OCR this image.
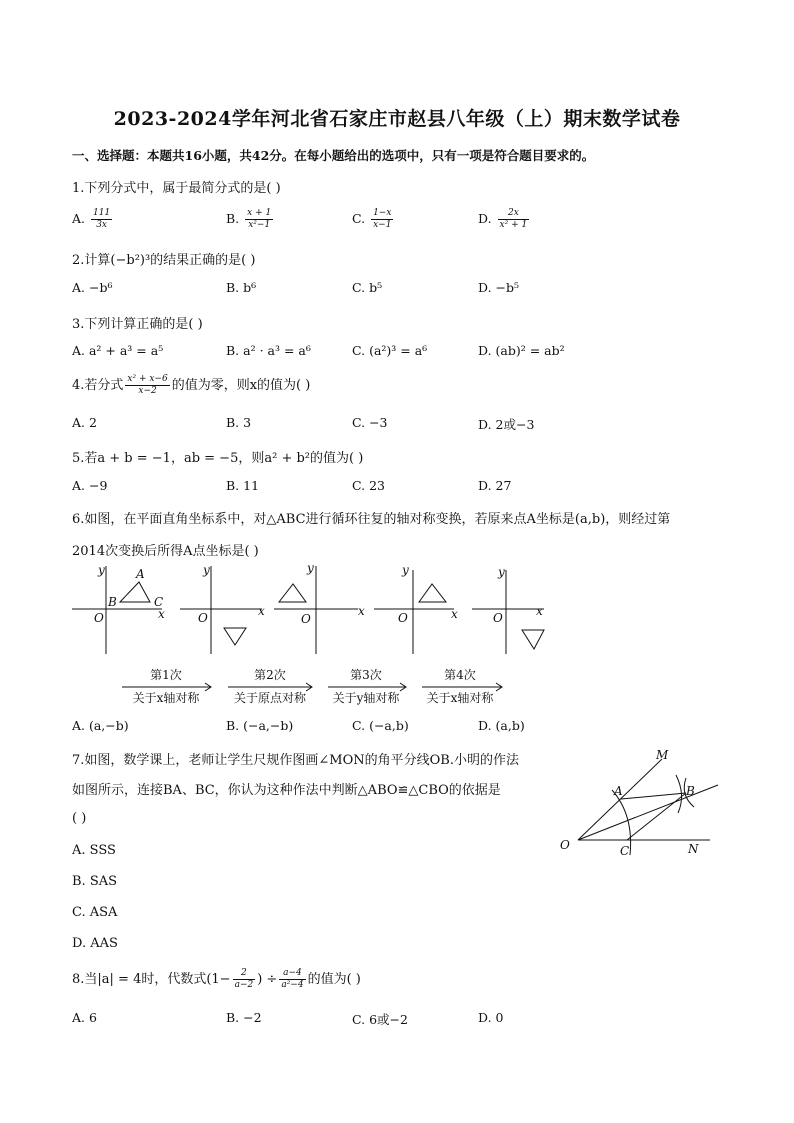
2023-2024学年河北省石家庄市赵县八年级（上）期末数学试卷
一、选择题：本题共16小题，共42分。在每小题给出的选项中，只有一项是符合题目要求的。
1.下列分式中，属于最简分式的是( )
A. $\frac{111}{3x}$	B. $\frac{x + 1}{\text{x²−1}}$	C. $\frac{1-x}{x-1}$	D. $\frac{2x}{\text{x² + 1}}$
2.计算(−b²)³的结果正确的是( )
A. −b⁶	B. b⁶	C. b⁵	D. −b⁵
3.下列计算正确的是( )
A. a² + a³ = a⁵	B. a² · a³ = a⁶	C. (a²)³ = a⁶	D. (ab)² = ab²
4.若分式 $\frac{\text{x² + x−6}}{x-2}$ 的值为零，则x的值为( )
A. 2	B. 3	C. −3	D. 2或−3
5.若a + b = −1，ab = −5，则a² + b²的值为( )
A. −9	B. 11	C. 23	D. 27
6.如图，在平面直角坐标系中，对△ABC进行循环往复的轴对称变换，若原来点A坐标是(a,b)，则经过第
2014次变换后所得A点坐标是( )
y
x
O
A
B	C
y
x
O
y
x
O
y
x
O
y
x
O
第1次
关于x轴对称
第2次
关于原点对称
第3次
关于y轴对称
第4次
关于x轴对称
A. (a,−b)	B. (−a,−b)	C. (−a,b)	D. (a,b)
7.如图，数学课上，老师让学生尺规作图画∠MON的角平分线OB.小明的作法
如图所示，连接BA、BC，你认为这种作法中判断△ABO≌△CBO的依据是
( )
A. SSS
B. SAS
C. ASA
D. AAS
M
A	B
O	C	N
8.当|a| = 4时，代数式($1- \frac{2}{a-2}$ ) ÷ $\frac{a-4}{\text{a²−4}}$ 的值为( )
A. 6	B. −2	C. 6或−2	D. 0
